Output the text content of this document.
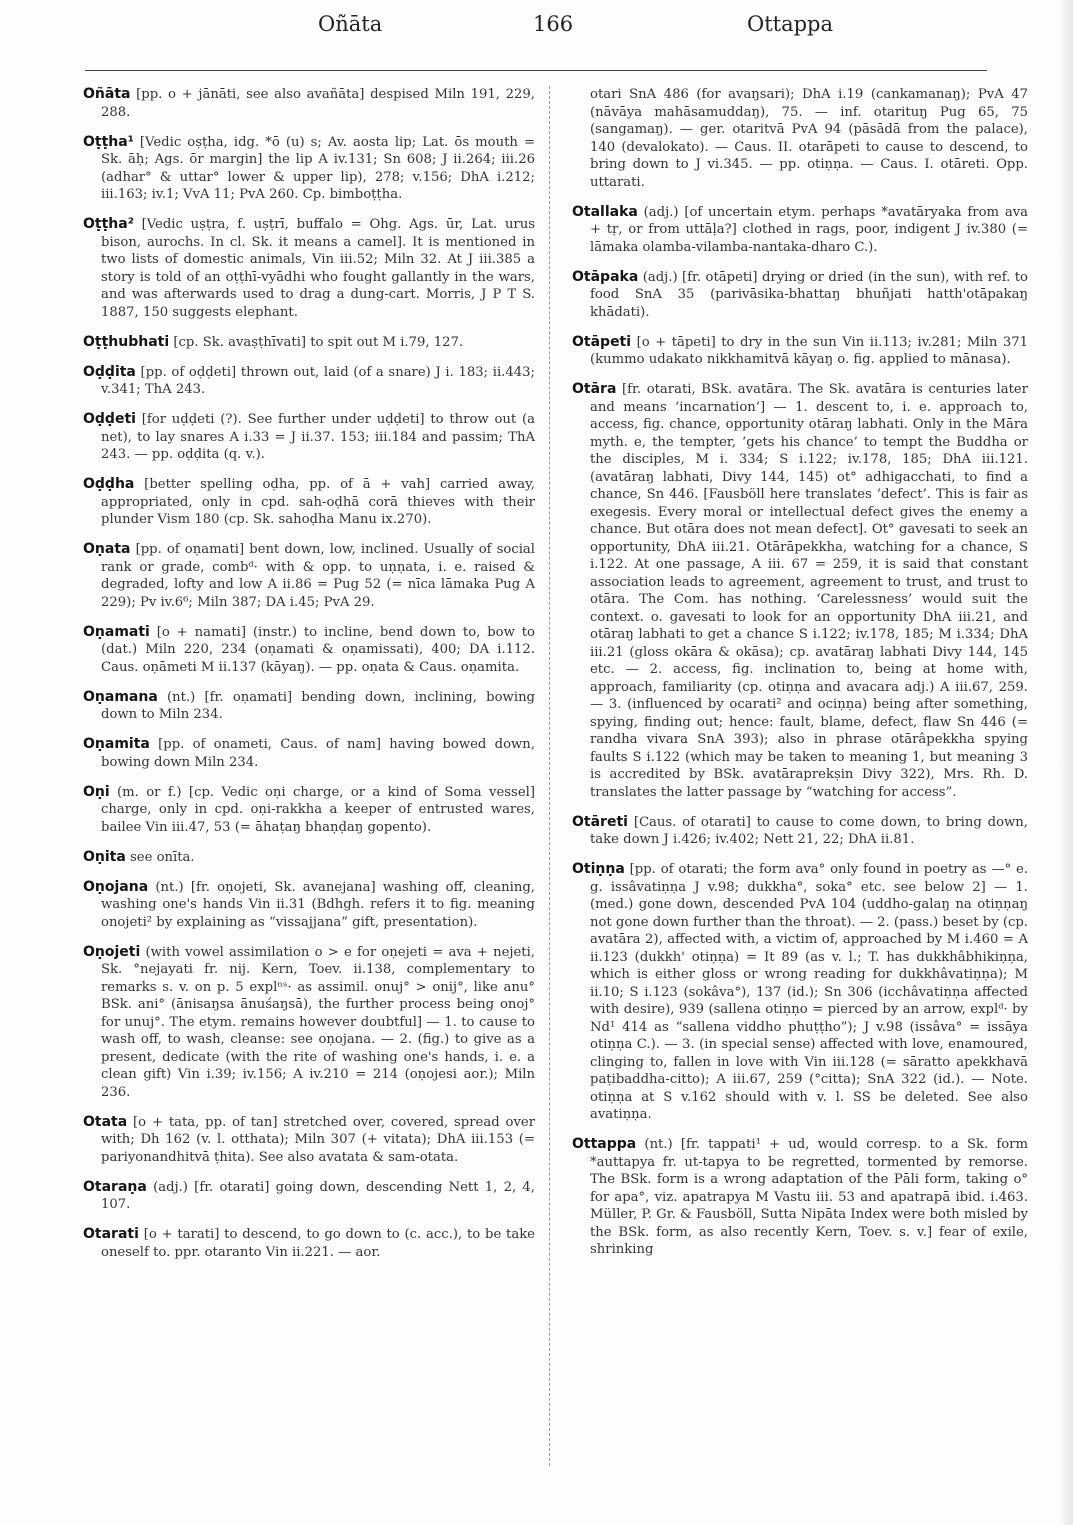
Oñāta	166	Ottappa

Oñāta [pp. o + jānāti, see also avañāta] despised Miln 191, 229, 288.

Oṭṭha¹ [Vedic oṣṭha, idg. *ō (u) s; Av. aosta lip; Lat. ōs mouth = Sk. āḥ; Ags. ōr margin] the lip A iv.131; Sn 608; J ii.264; iii.26 (adhar° & uttar° lower & upper lip), 278; v.156; DhA i.212; iii.163; iv.1; VvA 11; PvA 260. Cp. bimboṭṭha.

Oṭṭha² [Vedic uṣṭra, f. uṣṭrī, buffalo = Ohg. Ags. ūr, Lat. urus bison, aurochs. In cl. Sk. it means a camel]. It is mentioned in two lists of domestic animals, Vin iii.52; Miln 32. At J iii.385 a story is told of an oṭṭhī-vyādhi who fought gallantly in the wars, and was afterwards used to drag a dung-cart. Morris, J P T S. 1887, 150 suggests elephant.

Oṭṭhubhati [cp. Sk. avaṣṭhīvati] to spit out M i.79, 127.

Oḍḍita [pp. of oḍḍeti] thrown out, laid (of a snare) J i. 183; ii.443; v.341; ThA 243.

Oḍḍeti [for uḍḍeti (?). See further under uḍḍeti] to throw out (a net), to lay snares A i.33 = J ii.37. 153; iii.184 and passim; ThA 243. — pp. oḍḍita (q. v.).

Oḍḍha [better spelling oḍha, pp. of ā + vah] carried away, appropriated, only in cpd. sah-oḍhā corā thieves with their plunder Vism 180 (cp. Sk. sahoḍha Manu ix.270).

Oṇata [pp. of oṇamati] bent down, low, inclined. Usually of social rank or grade, combᵈ· with & opp. to uṇṇata, i. e. raised & degraded, lofty and low A ii.86 = Pug 52 (= nīca lāmaka Pug A 229); Pv iv.6⁶; Miln 387; DA i.45; PvA 29.

Oṇamati [o + namati] (instr.) to incline, bend down to, bow to (dat.) Miln 220, 234 (oṇamati & oṇamissati), 400; DA i.112. Caus. oṇāmeti M ii.137 (kāyaŋ). — pp. oṇata & Caus. oṇamita.

Oṇamana (nt.) [fr. oṇamati] bending down, inclining, bowing down to Miln 234.

Oṇamita [pp. of onameti, Caus. of nam] having bowed down, bowing down Miln 234.

Oṇi (m. or f.) [cp. Vedic oṇi charge, or a kind of Soma vessel] charge, only in cpd. oṇi-rakkha a keeper of entrusted wares, bailee Vin iii.47, 53 (= āhaṭaŋ bhaṇḍaŋ gopento).

Oṇita see onīta.

Oṇojana (nt.) [fr. oṇojeti, Sk. avanejana] washing off, cleaning, washing one's hands Vin ii.31 (Bdhgh. refers it to fig. meaning onojeti² by explaining as “vissajjana” gift, presentation).

Oṇojeti (with vowel assimilation o > e for oṇejeti = ava + nejeti, Sk. °nejayati fr. nij. Kern, Toev. ii.138, complementary to remarks s. v. on p. 5 explⁿˢ· as assimil. onuj° > onij°, like anu° BSk. ani° (ānisaŋsa ānuśaŋsā), the further process being onoj° for unuj°. The etym. remains however doubtful] — 1. to cause to wash off, to wash, cleanse: see oṇojana. — 2. (fig.) to give as a present, dedicate (with the rite of washing one's hands, i. e. a clean gift) Vin i.39; iv.156; A iv.210 = 214 (oṇojesi aor.); Miln 236.

Otata [o + tata, pp. of tan] stretched over, covered, spread over with; Dh 162 (v. l. otthata); Miln 307 (+ vitata); DhA iii.153 (= pariyonandhitvā ṭhita). See also avatata & sam-otata.

Otaraṇa (adj.) [fr. otarati] going down, descending Nett 1, 2, 4, 107.

Otarati [o + tarati] to descend, to go down to (c. acc.), to be take oneself to. ppr. otaranto Vin ii.221. — aor.

otari SnA 486 (for avaŋsari); DhA i.19 (cankamanaŋ); PvA 47 (nāvāya mahāsamuddaŋ), 75. — inf. otarituŋ Pug 65, 75 (sangamaŋ). — ger. otaritvā PvA 94 (pāsādā from the palace), 140 (devalokato). — Caus. II. otarāpeti to cause to descend, to bring down to J vi.345. — pp. otiṇṇa. — Caus. I. otāreti. Opp. uttarati.

Otallaka (adj.) [of uncertain etym. perhaps *avatāryaka from ava + tṛ, or from uttāḷa?] clothed in rags, poor, indigent J iv.380 (= lāmaka olamba-vilamba-nantaka-dharo C.).

Otāpaka (adj.) [fr. otāpeti] drying or dried (in the sun), with ref. to food SnA 35 (parivāsika-bhattaŋ bhuñjati hatth'otāpakaŋ khādati).

Otāpeti [o + tāpeti] to dry in the sun Vin ii.113; iv.281; Miln 371 (kummo udakato nikkhamitvā kāyaŋ o. fig. applied to mānasa).

Otāra [fr. otarati, BSk. avatāra. The Sk. avatāra is centuries later and means ‘incarnation’] — 1. descent to, i. e. approach to, access, fig. chance, opportunity otāraŋ labhati. Only in the Māra myth. e, the tempter, ‘gets his chance’ to tempt the Buddha or the disciples, M i. 334; S i.122; iv.178, 185; DhA iii.121. (avatāraŋ labhati, Divy 144, 145) ot° adhigacchati, to find a chance, Sn 446. [Fausböll here translates ‘defect’. This is fair as exegesis. Every moral or intellectual defect gives the enemy a chance. But otāra does not mean defect]. Ot° gavesati to seek an opportunity, DhA iii.21. Otārāpekkha, watching for a chance, S i.122. At one passage, A iii. 67 = 259, it is said that constant association leads to agreement, agreement to trust, and trust to otāra. The Com. has nothing. ‘Carelessness’ would suit the context. o. gavesati to look for an opportunity DhA iii.21, and otāraŋ labhati to get a chance S i.122; iv.178, 185; M i.334; DhA iii.21 (gloss okāra & okāsa); cp. avatāraŋ labhati Divy 144, 145 etc. — 2. access, fig. inclination to, being at home with, approach, familiarity (cp. otiṇṇa and avacara adj.) A iii.67, 259. — 3. (influenced by ocarati² and ociṇṇa) being after something, spying, finding out; hence: fault, blame, defect, flaw Sn 446 (= randha vivara SnA 393); also in phrase otārâpekkha spying faults S i.122 (which may be taken to meaning 1, but meaning 3 is accredited by BSk. avatāraprekṣin Divy 322), Mrs. Rh. D. translates the latter passage by “watching for access”.

Otāreti [Caus. of otarati] to cause to come down, to bring down, take down J i.426; iv.402; Nett 21, 22; DhA ii.81.

Otiṇṇa [pp. of otarati; the form ava° only found in poetry as —° e. g. issâvatiṇṇa J v.98; dukkha°, soka° etc. see below 2] — 1. (med.) gone down, descended PvA 104 (uddho-galaŋ na otiṇṇaŋ not gone down further than the throat). — 2. (pass.) beset by (cp. avatāra 2), affected with, a victim of, approached by M i.460 = A ii.123 (dukkh' otiṇṇa) = It 89 (as v. l.; T. has dukkhâbhikiṇṇa, which is either gloss or wrong reading for dukkhâvatiṇṇa); M ii.10; S i.123 (sokâva°), 137 (id.); Sn 306 (icchâvatiṇṇa affected with desire), 939 (sallena otiṇṇo = pierced by an arrow, explᵈ· by Nd¹ 414 as “sallena viddho phuṭṭho”); J v.98 (issâva° = issāya otiṇṇa C.). — 3. (in special sense) affected with love, enamoured, clinging to, fallen in love with Vin iii.128 (= sāratto apekkhavā paṭibaddha-citto); A iii.67, 259 (°citta); SnA 322 (id.). — Note. otiṇṇa at S v.162 should with v. l. SS be deleted. See also avatiṇṇa.

Ottappa (nt.) [fr. tappati¹ + ud, would corresp. to a Sk. form *auttapya fr. ut-tapya to be regretted, tormented by remorse. The BSk. form is a wrong adaptation of the Pāli form, taking o° for apa°, viz. apatrapya M Vastu iii. 53 and apatrapā ibid. i.463. Müller, P. Gr. & Fausböll, Sutta Nipāta Index were both misled by the BSk. form, as also recently Kern, Toev. s. v.] fear of exile, shrinking
